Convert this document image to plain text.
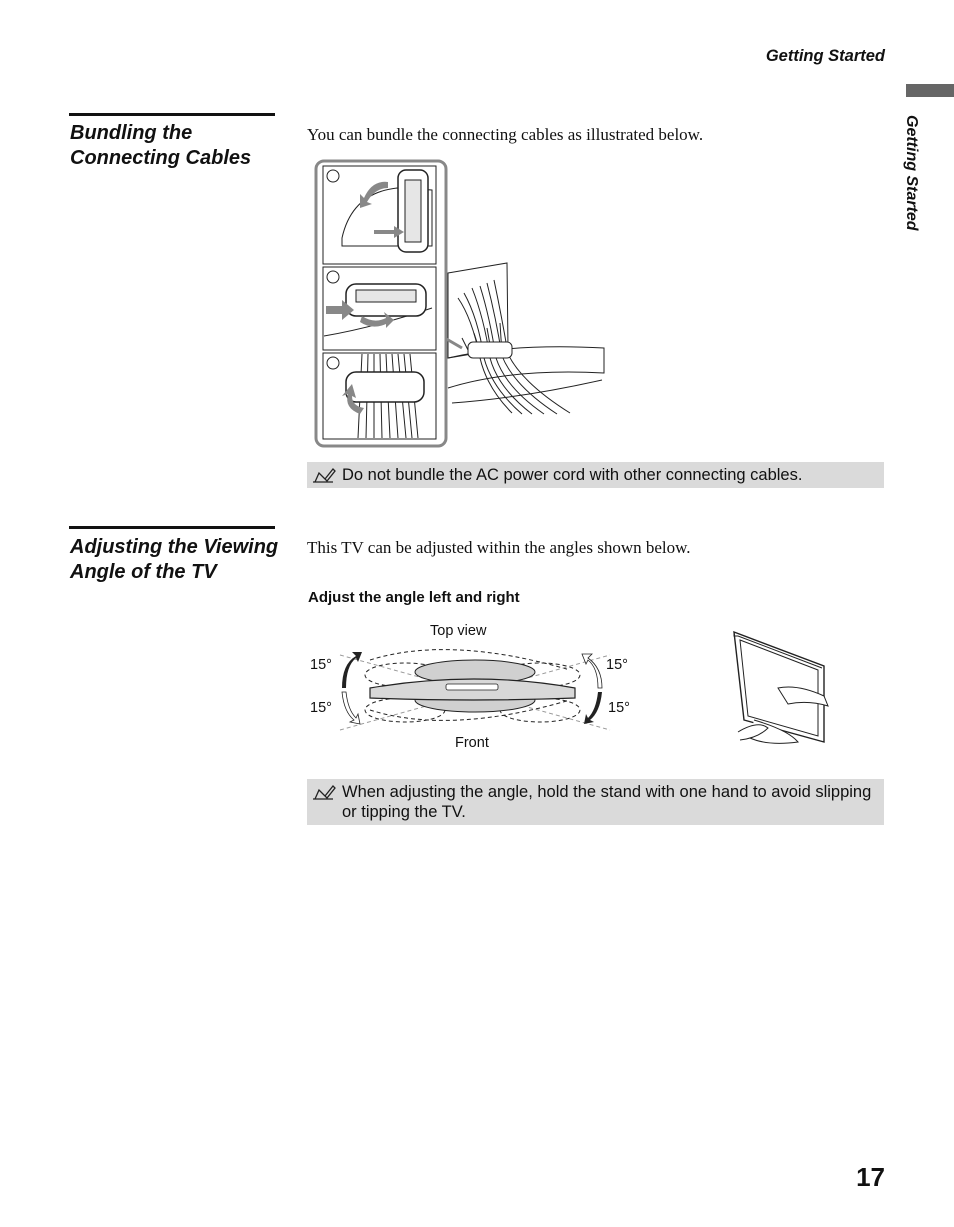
Getting Started
Getting Started
Bundling the Connecting Cables
You can bundle the connecting cables as illustrated below.
Do not bundle the AC power cord with other connecting cables.
Adjusting the Viewing Angle of the TV
This TV can be adjusted within the angles shown below.
Adjust the angle left and right
Top view
15°
15°
15°
15°
Front
When adjusting the angle, hold the stand with one hand to avoid slipping or tipping the TV.
17
